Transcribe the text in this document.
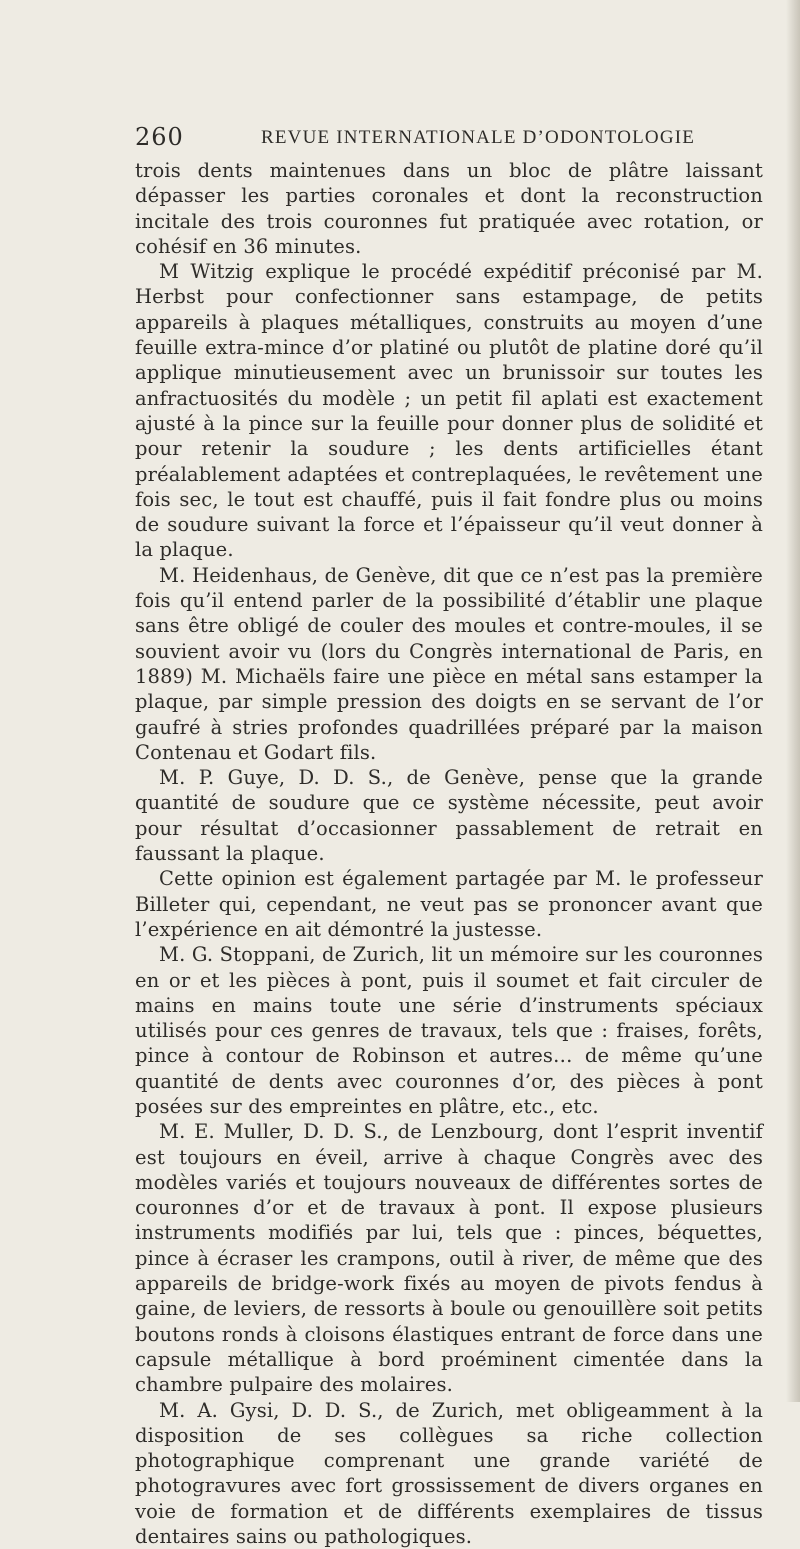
260	REVUE INTERNATIONALE D’ODONTOLOGIE

trois dents maintenues dans un bloc de plâtre laissant dépasser les parties coronales et dont la reconstruction incitale des trois couronnes fut pratiquée avec rotation, or cohésif en 36 minutes.

M Witzig explique le procédé expéditif préconisé par M. Herbst pour confectionner sans estampage, de petits appareils à plaques métalliques, construits au moyen d’une feuille extra-mince d’or platiné ou plutôt de platine doré qu’il applique minutieusement avec un brunissoir sur toutes les anfractuosités du modèle ; un petit fil aplati est exactement ajusté à la pince sur la feuille pour donner plus de solidité et pour retenir la soudure ; les dents artificielles étant préalablement adaptées et contreplaquées, le revêtement une fois sec, le tout est chauffé, puis il fait fondre plus ou moins de soudure suivant la force et l’épaisseur qu’il veut donner à la plaque.

M. Heidenhaus, de Genève, dit que ce n’est pas la première fois qu’il entend parler de la possibilité d’établir une plaque sans être obligé de couler des moules et contre-moules, il se souvient avoir vu (lors du Congrès international de Paris, en 1889) M. Michaëls faire une pièce en métal sans estamper la plaque, par simple pression des doigts en se servant de l’or gaufré à stries profondes quadrillées préparé par la maison Contenau et Godart fils.

M. P. Guye, D. D. S., de Genève, pense que la grande quantité de soudure que ce système nécessite, peut avoir pour résultat d’occasionner passablement de retrait en faussant la plaque.

Cette opinion est également partagée par M. le professeur Billeter qui, cependant, ne veut pas se prononcer avant que l’expérience en ait démontré la justesse.

M. G. Stoppani, de Zurich, lit un mémoire sur les couronnes en or et les pièces à pont, puis il soumet et fait circuler de mains en mains toute une série d’instruments spéciaux utilisés pour ces genres de travaux, tels que : fraises, forêts, pince à contour de Robinson et autres… de même qu’une quantité de dents avec couronnes d’or, des pièces à pont posées sur des empreintes en plâtre, etc., etc.

M. E. Muller, D. D. S., de Lenzbourg, dont l’esprit inventif est toujours en éveil, arrive à chaque Congrès avec des modèles variés et toujours nouveaux de différentes sortes de couronnes d’or et de travaux à pont. Il expose plusieurs instruments modifiés par lui, tels que : pinces, béquettes, pince à écraser les crampons, outil à river, de même que des appareils de bridge-work fixés au moyen de pivots fendus à gaine, de leviers, de ressorts à boule ou genouillère soit petits boutons ronds à cloisons élastiques entrant de force dans une capsule métallique à bord proéminent cimentée dans la chambre pulpaire des molaires.

M. A. Gysi, D. D. S., de Zurich, met obligeamment à la disposition de ses collègues sa riche collection photographique comprenant une grande variété de photogravures avec fort grossissement de divers organes en voie de formation et de différents exemplaires de tissus dentaires sains ou pathologiques.
